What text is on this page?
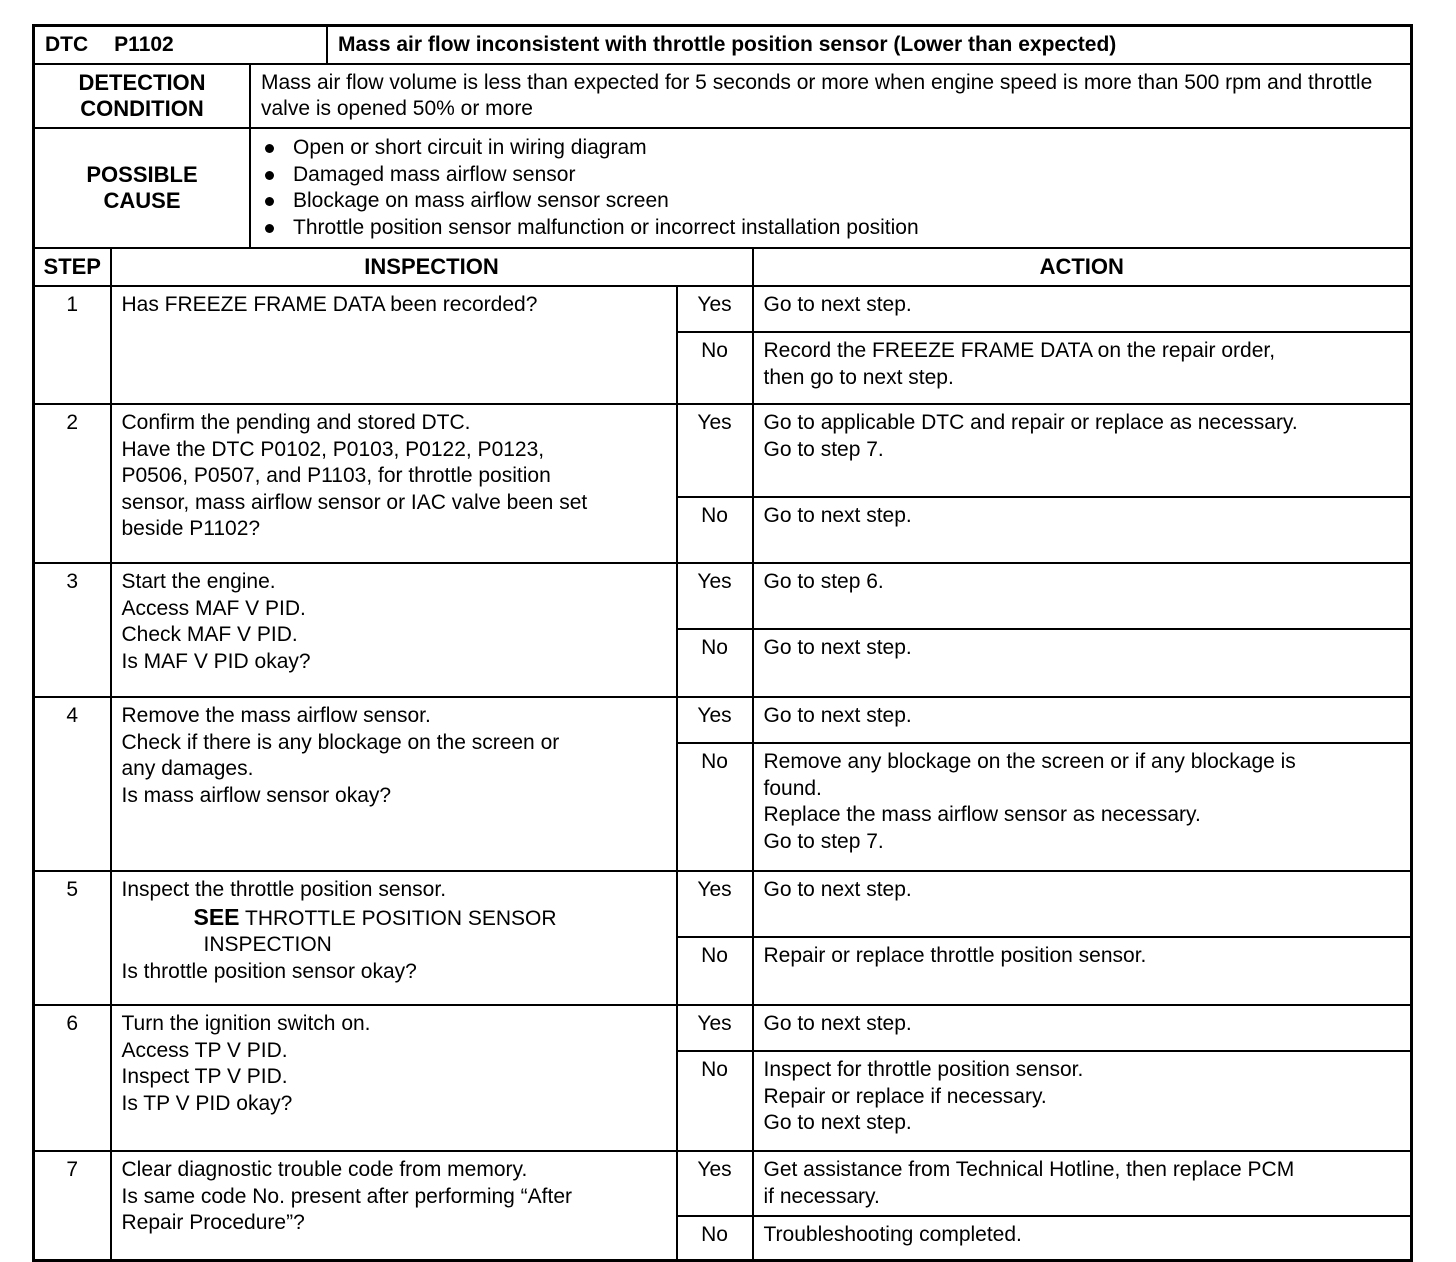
DTC P1102	Mass air flow inconsistent with throttle position sensor (Lower than expected)

DETECTION
CONDITION

Mass air flow volume is less than expected for 5 seconds or more when engine speed is more than 500 rpm and throttle valve is opened 50% or more

POSSIBLE
CAUSE

Open or short circuit in wiring diagram
Damaged mass airflow sensor
Blockage on mass airflow sensor screen
Throttle position sensor malfunction or incorrect installation position

STEP	INSPECTION	ACTION
1	Has FREEZE FRAME DATA been recorded?	Yes	Go to next step.

No	Record the FREEZE FRAME DATA on the repair order,
then go to next step.

2	Confirm the pending and stored DTC.
Have the DTC P0102, P0103, P0122, P0123,
P0506, P0507, and P1103, for throttle position
sensor, mass airflow sensor or IAC valve been set
beside P1102?
	Yes	Go to applicable DTC and repair or replace as necessary.
Go to step 7.

No	Go to next step.

3	Start the engine.
Access MAF V PID.
Check MAF V PID.
Is MAF V PID okay?
	Yes	Go to step 6.

No	Go to next step.

4	Remove the mass airflow sensor.
Check if there is any blockage on the screen or
any damages.
Is mass airflow sensor okay?
	Yes	Go to next step.

No	Remove any blockage on the screen or if any blockage is
found.
Replace the mass airflow sensor as necessary.
Go to step 7.

5	Inspect the throttle position sensor.
SEE THROTTLE POSITION SENSOR
INSPECTION
Is throttle position sensor okay?
	Yes	Go to next step.

No	Repair or replace throttle position sensor.

6	Turn the ignition switch on.
Access TP V PID.
Inspect TP V PID.
Is TP V PID okay?
	Yes	Go to next step.

No	Inspect for throttle position sensor.
Repair or replace if necessary.
Go to next step.

7	Clear diagnostic trouble code from memory.
Is same code No. present after performing “After
Repair Procedure”?
	Yes	Get assistance from Technical Hotline, then replace PCM
if necessary.

No	Troubleshooting completed.
